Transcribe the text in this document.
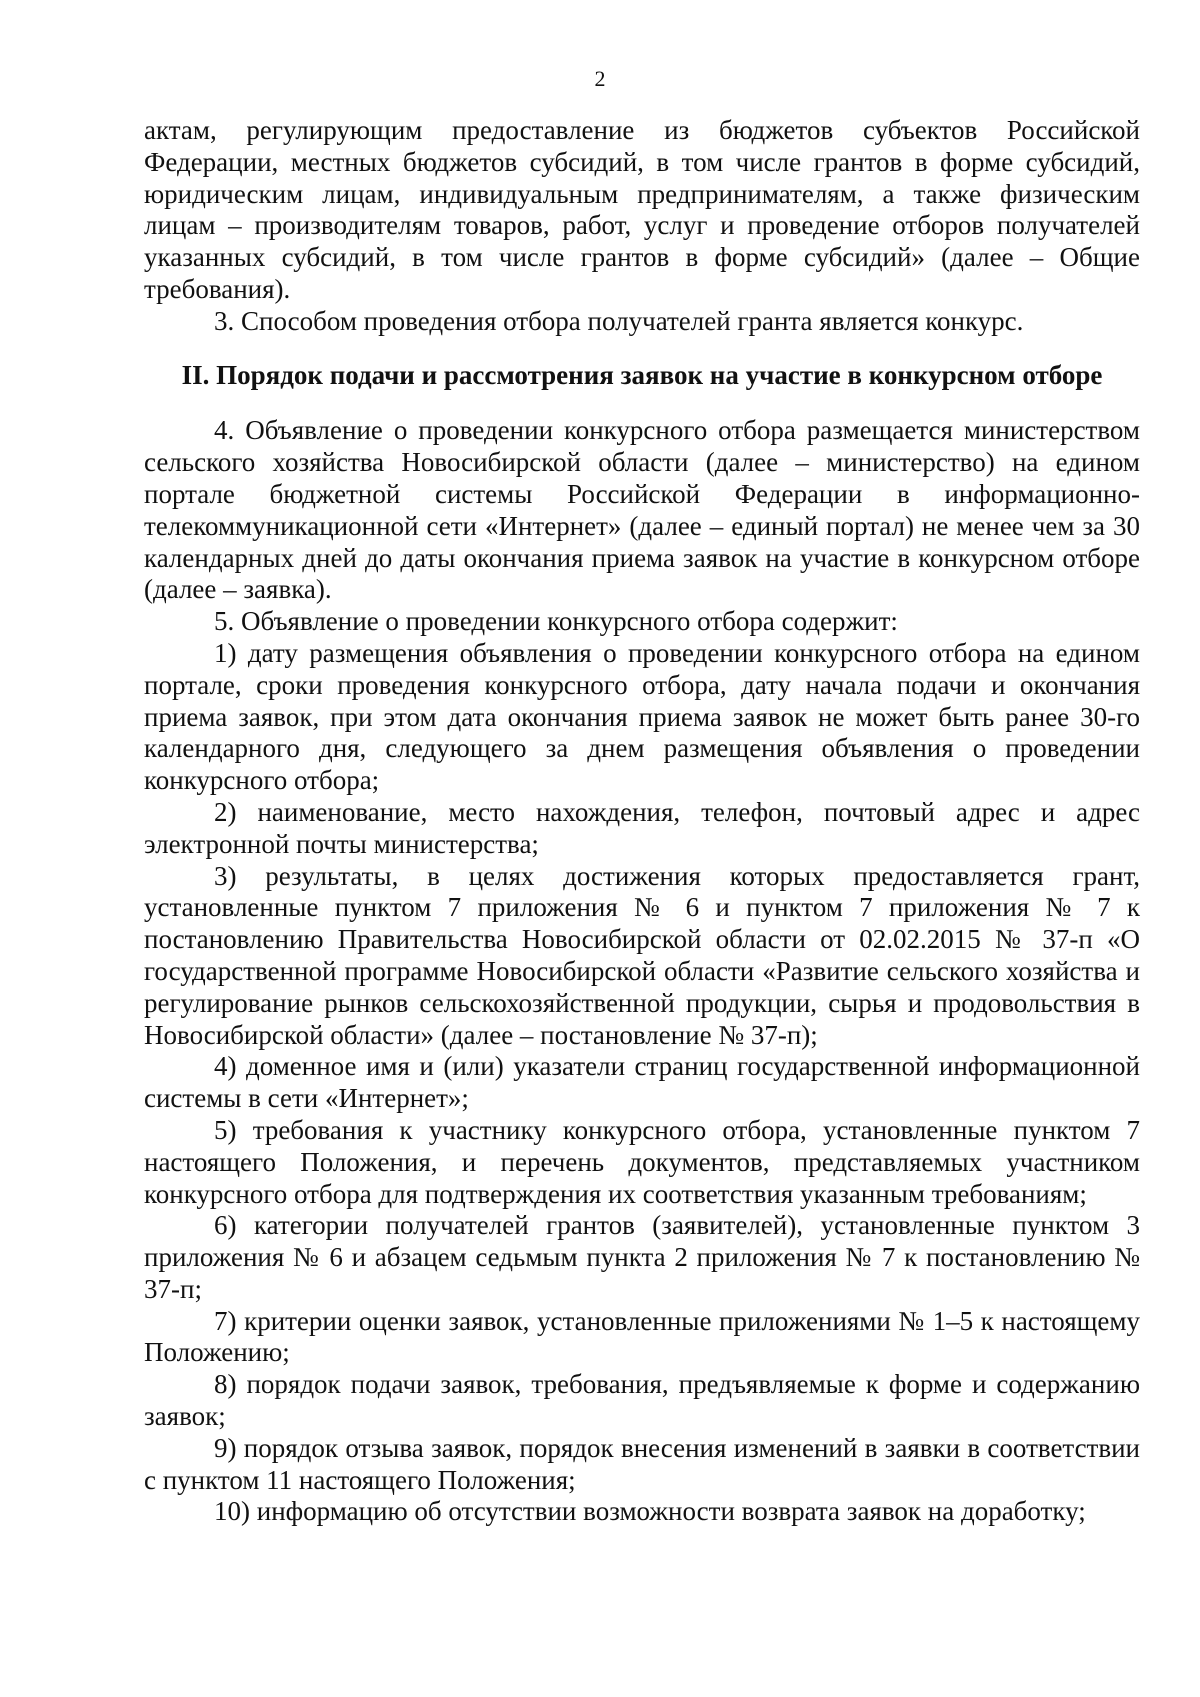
2

актам, регулирующим предоставление из бюджетов субъектов Российской Федерации, местных бюджетов субсидий, в том числе грантов в форме субсидий, юридическим лицам, индивидуальным предпринимателям, а также физическим лицам – производителям товаров, работ, услуг и проведение отборов получателей указанных субсидий, в том числе грантов в форме субсидий» (далее – Общие требования).

3. Способом проведения отбора получателей гранта является конкурс.

II. Порядок подачи и рассмотрения заявок на участие в конкурсном отборе

4. Объявление о проведении конкурсного отбора размещается министерством сельского хозяйства Новосибирской области (далее – министерство) на едином портале бюджетной системы Российской Федерации в информационно-телекоммуникационной сети «Интернет» (далее – единый портал) не менее чем за 30 календарных дней до даты окончания приема заявок на участие в конкурсном отборе (далее – заявка).

5. Объявление о проведении конкурсного отбора содержит:

1) дату размещения объявления о проведении конкурсного отбора на едином портале, сроки проведения конкурсного отбора, дату начала подачи и окончания приема заявок, при этом дата окончания приема заявок не может быть ранее 30-го календарного дня, следующего за днем размещения объявления о проведении конкурсного отбора;

2) наименование, место нахождения, телефон, почтовый адрес и адрес электронной почты министерства;

3) результаты, в целях достижения которых предоставляется грант, установленные пунктом 7 приложения № 6 и пунктом 7 приложения № 7 к постановлению Правительства Новосибирской области от 02.02.2015 № 37-п «О государственной программе Новосибирской области «Развитие сельского хозяйства и регулирование рынков сельскохозяйственной продукции, сырья и продовольствия в Новосибирской области» (далее – постановление № 37-п);

4) доменное имя и (или) указатели страниц государственной информационной системы в сети «Интернет»;

5) требования к участнику конкурсного отбора, установленные пунктом 7 настоящего Положения, и перечень документов, представляемых участником конкурсного отбора для подтверждения их соответствия указанным требованиям;

6) категории получателей грантов (заявителей), установленные пунктом 3 приложения № 6 и абзацем седьмым пункта 2 приложения № 7 к постановлению № 37-п;

7) критерии оценки заявок, установленные приложениями № 1–5 к настоящему Положению;

8) порядок подачи заявок, требования, предъявляемые к форме и содержанию заявок;

9) порядок отзыва заявок, порядок внесения изменений в заявки в соответствии с пунктом 11 настоящего Положения;

10) информацию об отсутствии возможности возврата заявок на доработку;
